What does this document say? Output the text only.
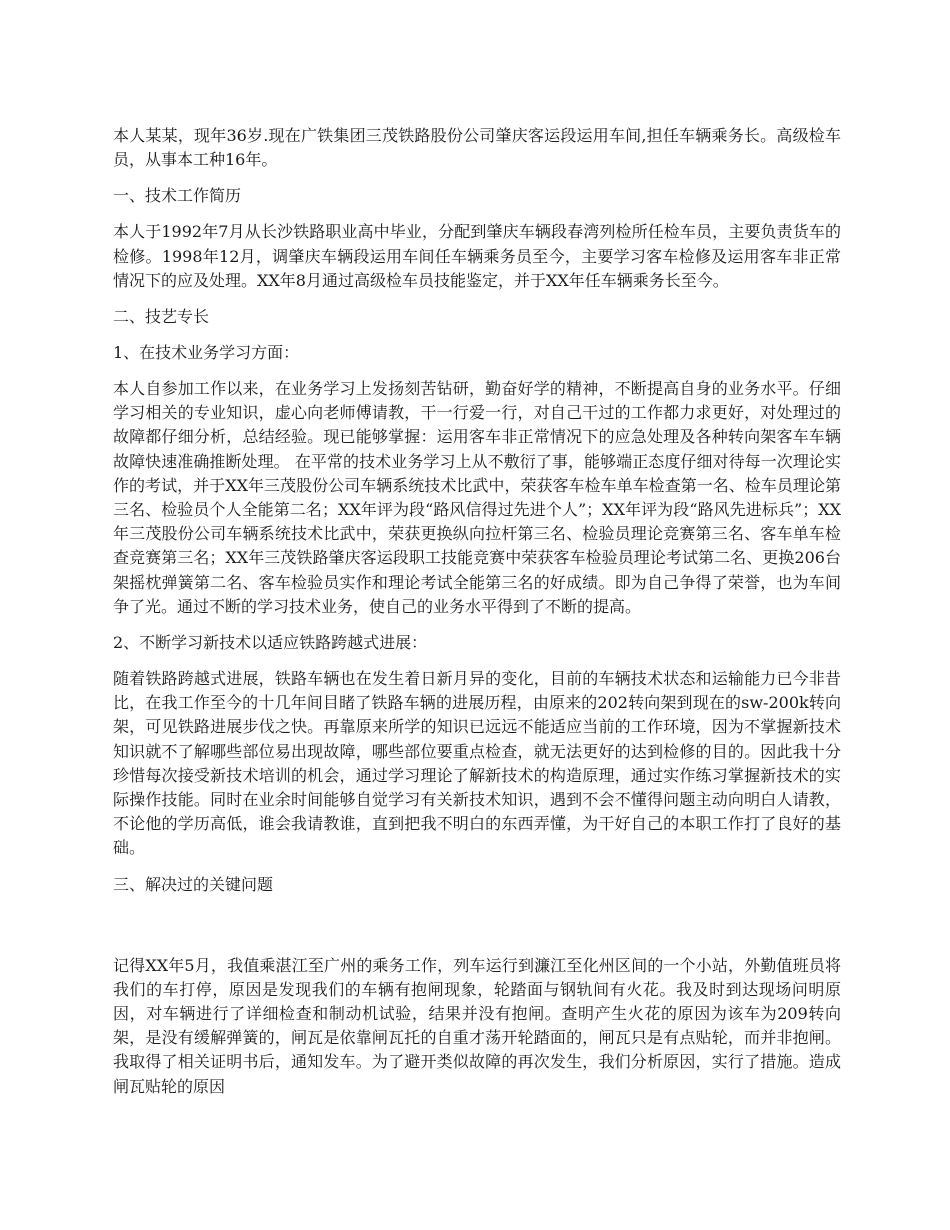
本人某某，现年36岁.现在广铁集团三茂铁路股份公司肇庆客运段运用车间,担任车辆乘务长。高级检车员，从事本工种16年。

一、技术工作简历

本人于1992年7月从长沙铁路职业高中毕业，分配到肇庆车辆段春湾列检所任检车员，主要负责货车的检修。1998年12月，调肇庆车辆段运用车间任车辆乘务员至今，主要学习客车检修及运用客车非正常情况下的应及处理。XX年8月通过高级检车员技能鉴定，并于XX年任车辆乘务长至今。

二、技艺专长

1、在技术业务学习方面：

本人自参加工作以来，在业务学习上发扬刻苦钻研，勤奋好学的精神，不断提高自身的业务水平。仔细学习相关的专业知识，虚心向老师傅请教，干一行爱一行，对自己干过的工作都力求更好，对处理过的故障都仔细分析，总结经验。现已能够掌握：运用客车非正常情况下的应急处理及各种转向架客车车辆故障快速准确推断处理。 在平常的技术业务学习上从不敷衍了事，能够端正态度仔细对待每一次理论实作的考试，并于XX年三茂股份公司车辆系统技术比武中，荣获客车检车单车检查第一名、检车员理论第三名、检验员个人全能第二名；XX年评为段“路风信得过先进个人”；XX年评为段“路风先进标兵”；XX年三茂股份公司车辆系统技术比武中，荣获更换纵向拉杆第三名、检验员理论竞赛第三名、客车单车检查竞赛第三名；XX年三茂铁路肇庆客运段职工技能竞赛中荣获客车检验员理论考试第二名、更换206台架摇枕弹簧第二名、客车检验员实作和理论考试全能第三名的好成绩。即为自己争得了荣誉，也为车间争了光。通过不断的学习技术业务，使自己的业务水平得到了不断的提高。

2、不断学习新技术以适应铁路跨越式进展：

随着铁路跨越式进展，铁路车辆也在发生着日新月异的变化，目前的车辆技术状态和运输能力已今非昔比，在我工作至今的十几年间目睹了铁路车辆的进展历程，由原来的202转向架到现在的sw-200k转向架，可见铁路进展步伐之快。再靠原来所学的知识已远远不能适应当前的工作环境，因为不掌握新技术知识就不了解哪些部位易出现故障，哪些部位要重点检查，就无法更好的达到检修的目的。因此我十分珍惜每次接受新技术培训的机会，通过学习理论了解新技术的构造原理，通过实作练习掌握新技术的实际操作技能。同时在业余时间能够自觉学习有关新技术知识，遇到不会不懂得问题主动向明白人请教，不论他的学历高低，谁会我请教谁，直到把我不明白的东西弄懂，为干好自己的本职工作打了良好的基础。

三、解决过的关键问题

记得XX年5月，我值乘湛江至广州的乘务工作，列车运行到濂江至化州区间的一个小站，外勤值班员将我们的车打停，原因是发现我们的车辆有抱闸现象，轮踏面与钢轨间有火花。我及时到达现场问明原因，对车辆进行了详细检查和制动机试验，结果并没有抱闸。查明产生火花的原因为该车为209转向架，是没有缓解弹簧的，闸瓦是依靠闸瓦托的自重才荡开轮踏面的，闸瓦只是有点贴轮，而并非抱闸。我取得了相关证明书后，通知发车。为了避开类似故障的再次发生，我们分析原因，实行了措施。造成闸瓦贴轮的原因
